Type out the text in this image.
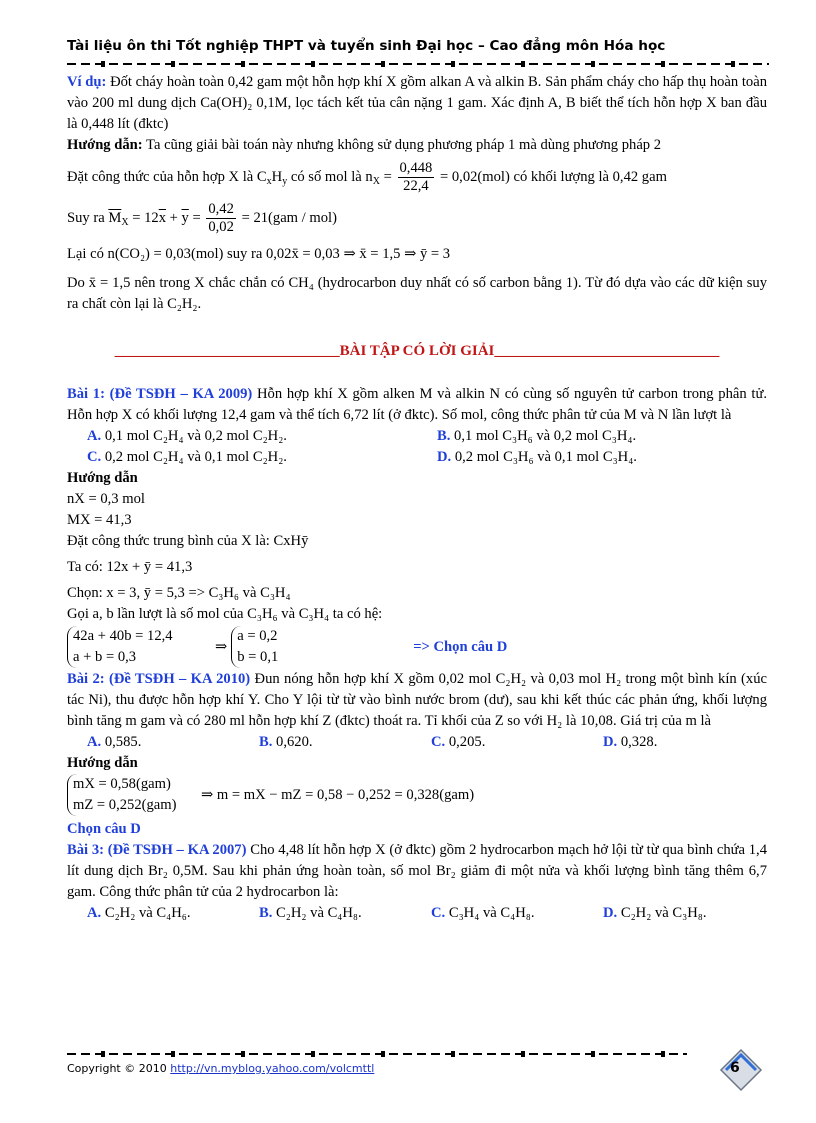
Tài liệu ôn thi Tốt nghiệp THPT và tuyển sinh Đại học – Cao đẳng môn Hóa học

Ví dụ: Đốt cháy hoàn toàn 0,42 gam một hỗn hợp khí X gồm alkan A và alkin B. Sản phẩm cháy cho hấp thụ hoàn toàn vào 200 ml dung dịch Ca(OH)₂ 0,1M, lọc tách kết tủa cân nặng 1 gam. Xác định A, B biết thể tích hỗn hợp X ban đầu là 0,448 lít (đktc)

Hướng dẫn: Ta cũng giải bài toán này nhưng không sử dụng phương pháp 1 mà dùng phương pháp 2

Đặt công thức của hỗn hợp X là $C_xH_y$ có số mol là $n_X = \frac{0,448}{22,4} = 0,02(mol)$ có khối lượng là 0,42 gam

Suy ra $\overline{M}_X = 12\overline{x} + \overline{y} = \frac{0,42}{0,02} = 21(gam / mol)$

Lại có n(CO₂) = 0,03(mol) suy ra 0,02x̄ = 0,03 ⇒ x̄ = 1,5 ⇒ ȳ = 3

Do x̄ = 1,5 nên trong X chắc chắn có CH₄ (hydrocarbon duy nhất có số carbon bằng 1). Từ đó dựa vào các dữ kiện suy ra chất còn lại là C₂H₂.

______________________________BÀI TẬP CÓ LỜI GIẢI______________________________

Bài 1: (Đề TSĐH – KA 2009) Hỗn hợp khí X gồm alken M và alkin N có cùng số nguyên tử carbon trong phân tử. Hỗn hợp X có khối lượng 12,4 gam và thể tích 6,72 lít (ở đktc). Số mol, công thức phân tử của M và N lần lượt là

A. 0,1 mol C₂H₄ và 0,2 mol C₂H₂.	B. 0,1 mol C₃H₆ và 0,2 mol C₃H₄.
C. 0,2 mol C₂H₄ và 0,1 mol C₂H₂.	D. 0,2 mol C₃H₆ và 0,1 mol C₃H₄.

Hướng dẫn

nX = 0,3 mol

MX = 41,3

Đặt công thức trung bình của X là: CxHȳ

Ta có: 12x + ȳ = 41,3

Chọn: x = 3, ȳ = 5,3 => C₃H₆ và C₃H₄

Gọi a, b lần lượt là số mol của C₃H₆ và C₃H₄ ta có hệ:

42a + 40b = 12,4
a + b = 0,3
⇒
a = 0,2
b = 0,1
=> Chọn câu D

Bài 2: (Đề TSĐH – KA 2010) Đun nóng hỗn hợp khí X gồm 0,02 mol C₂H₂ và 0,03 mol H₂ trong một bình kín (xúc tác Ni), thu được hỗn hợp khí Y. Cho Y lội từ từ vào bình nước brom (dư), sau khi kết thúc các phản ứng, khối lượng bình tăng m gam và có 280 ml hỗn hợp khí Z (đktc) thoát ra. Tỉ khối của Z so với H₂ là 10,08. Giá trị của m là

A. 0,585.	B. 0,620.	C. 0,205.	D. 0,328.

Hướng dẫn

mX = 0,58(gam)
mZ = 0,252(gam)
⇒ m = mX − mZ = 0,58 − 0,252 = 0,328(gam)

Chọn câu D

Bài 3: (Đề TSĐH – KA 2007) Cho 4,48 lít hỗn hợp X (ở đktc) gồm 2 hydrocarbon mạch hở lội từ từ qua bình chứa 1,4 lít dung dịch Br₂ 0,5M. Sau khi phản ứng hoàn toàn, số mol Br₂ giảm đi một nửa và khối lượng bình tăng thêm 6,7 gam. Công thức phân tử của 2 hydrocarbon là:

A. C₂H₂ và C₄H₆.	B. C₂H₂ và C₄H₈.	C. C₃H₄ và C₄H₈.	D. C₂H₂ và C₃H₈.
Copyright © 2010 http://vn.myblog.yahoo.com/volcmttl	6
